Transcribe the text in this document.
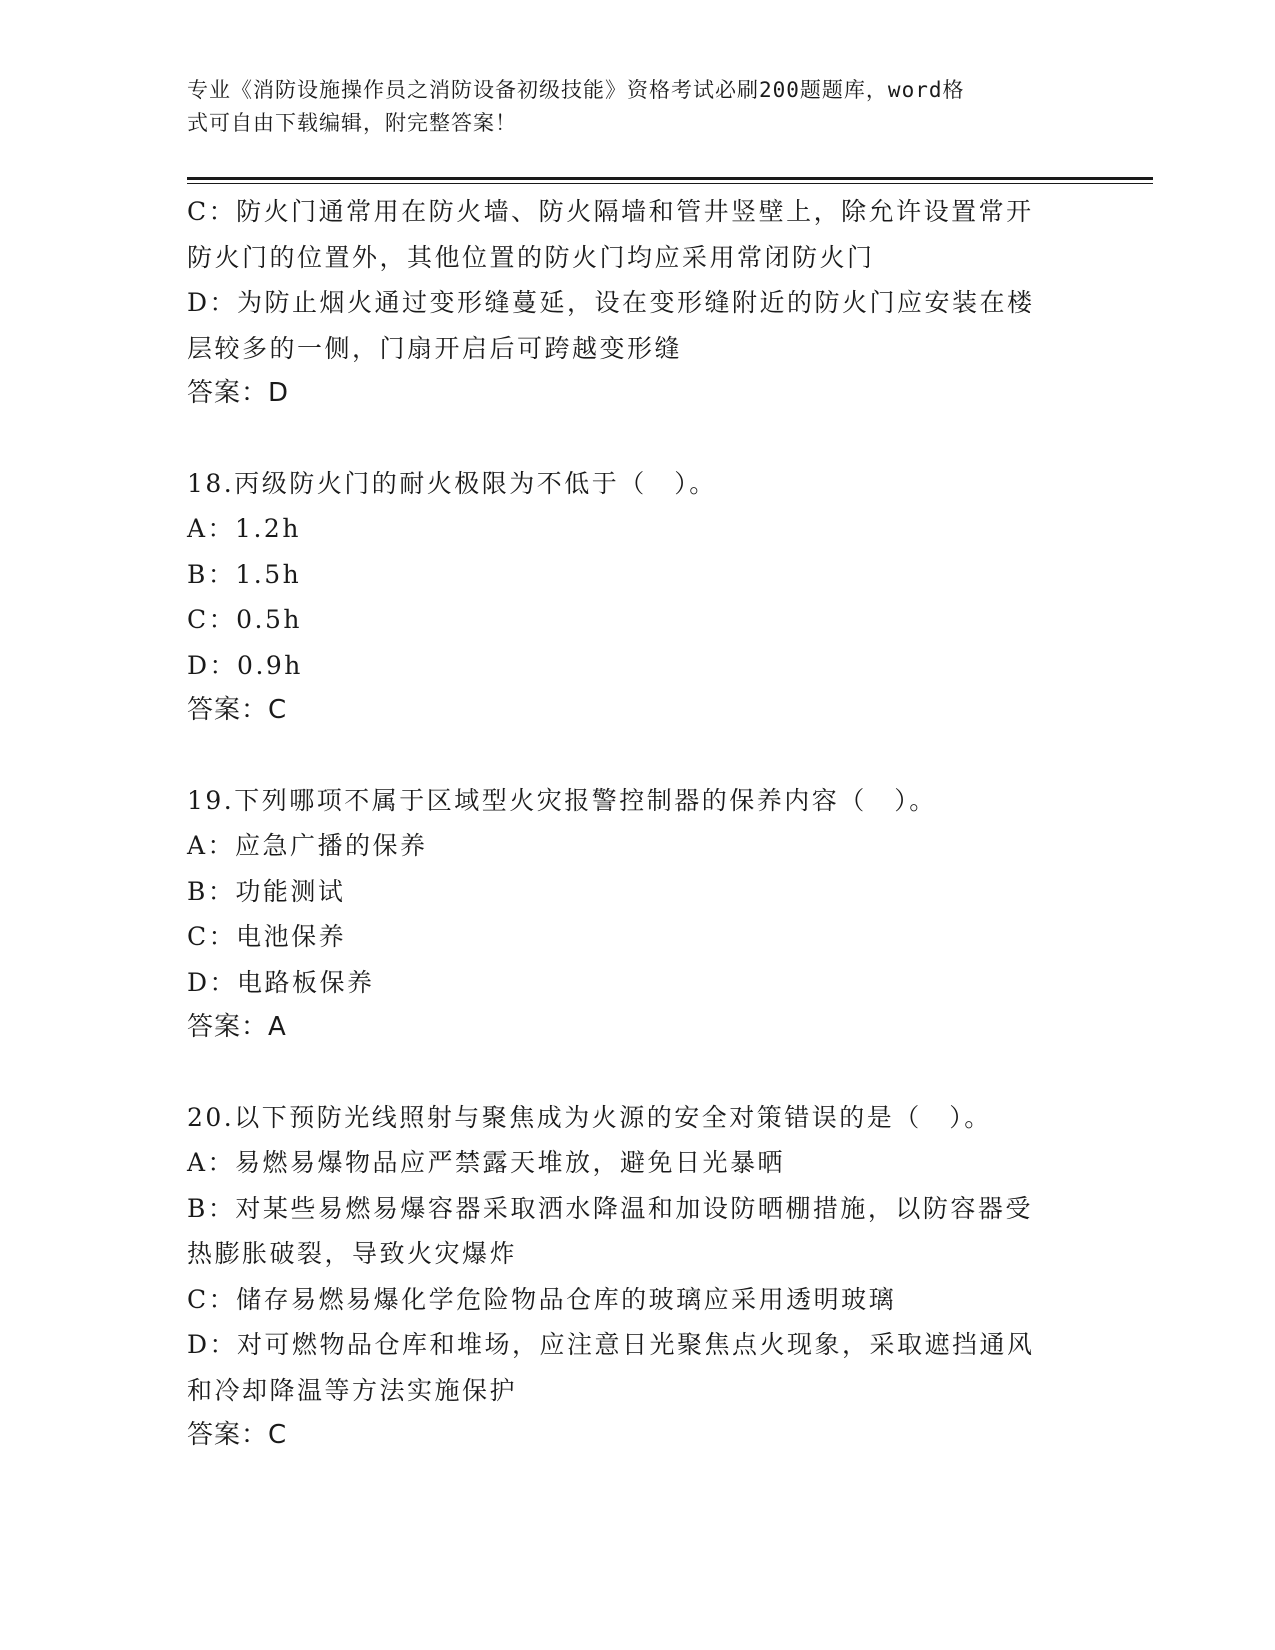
专业《消防设施操作员之消防设备初级技能》资格考试必刷200题题库，word格
式可自由下载编辑，附完整答案！
C：防火门通常用在防火墙、防火隔墙和管井竖壁上，除允许设置常开
防火门的位置外，其他位置的防火门均应采用常闭防火门
D：为防止烟火通过变形缝蔓延，设在变形缝附近的防火门应安装在楼
层较多的一侧，门扇开启后可跨越变形缝
答案：D
18.丙级防火门的耐火极限为不低于（　）。
A：1.2h
B：1.5h
C：0.5h
D：0.9h
答案：C
19.下列哪项不属于区域型火灾报警控制器的保养内容（　）。
A：应急广播的保养
B：功能测试
C：电池保养
D：电路板保养
答案：A
20.以下预防光线照射与聚焦成为火源的安全对策错误的是（　）。
A：易燃易爆物品应严禁露天堆放，避免日光暴晒
B：对某些易燃易爆容器采取洒水降温和加设防晒棚措施，以防容器受
热膨胀破裂，导致火灾爆炸
C：储存易燃易爆化学危险物品仓库的玻璃应采用透明玻璃
D：对可燃物品仓库和堆场，应注意日光聚焦点火现象，采取遮挡通风
和冷却降温等方法实施保护
答案：C
